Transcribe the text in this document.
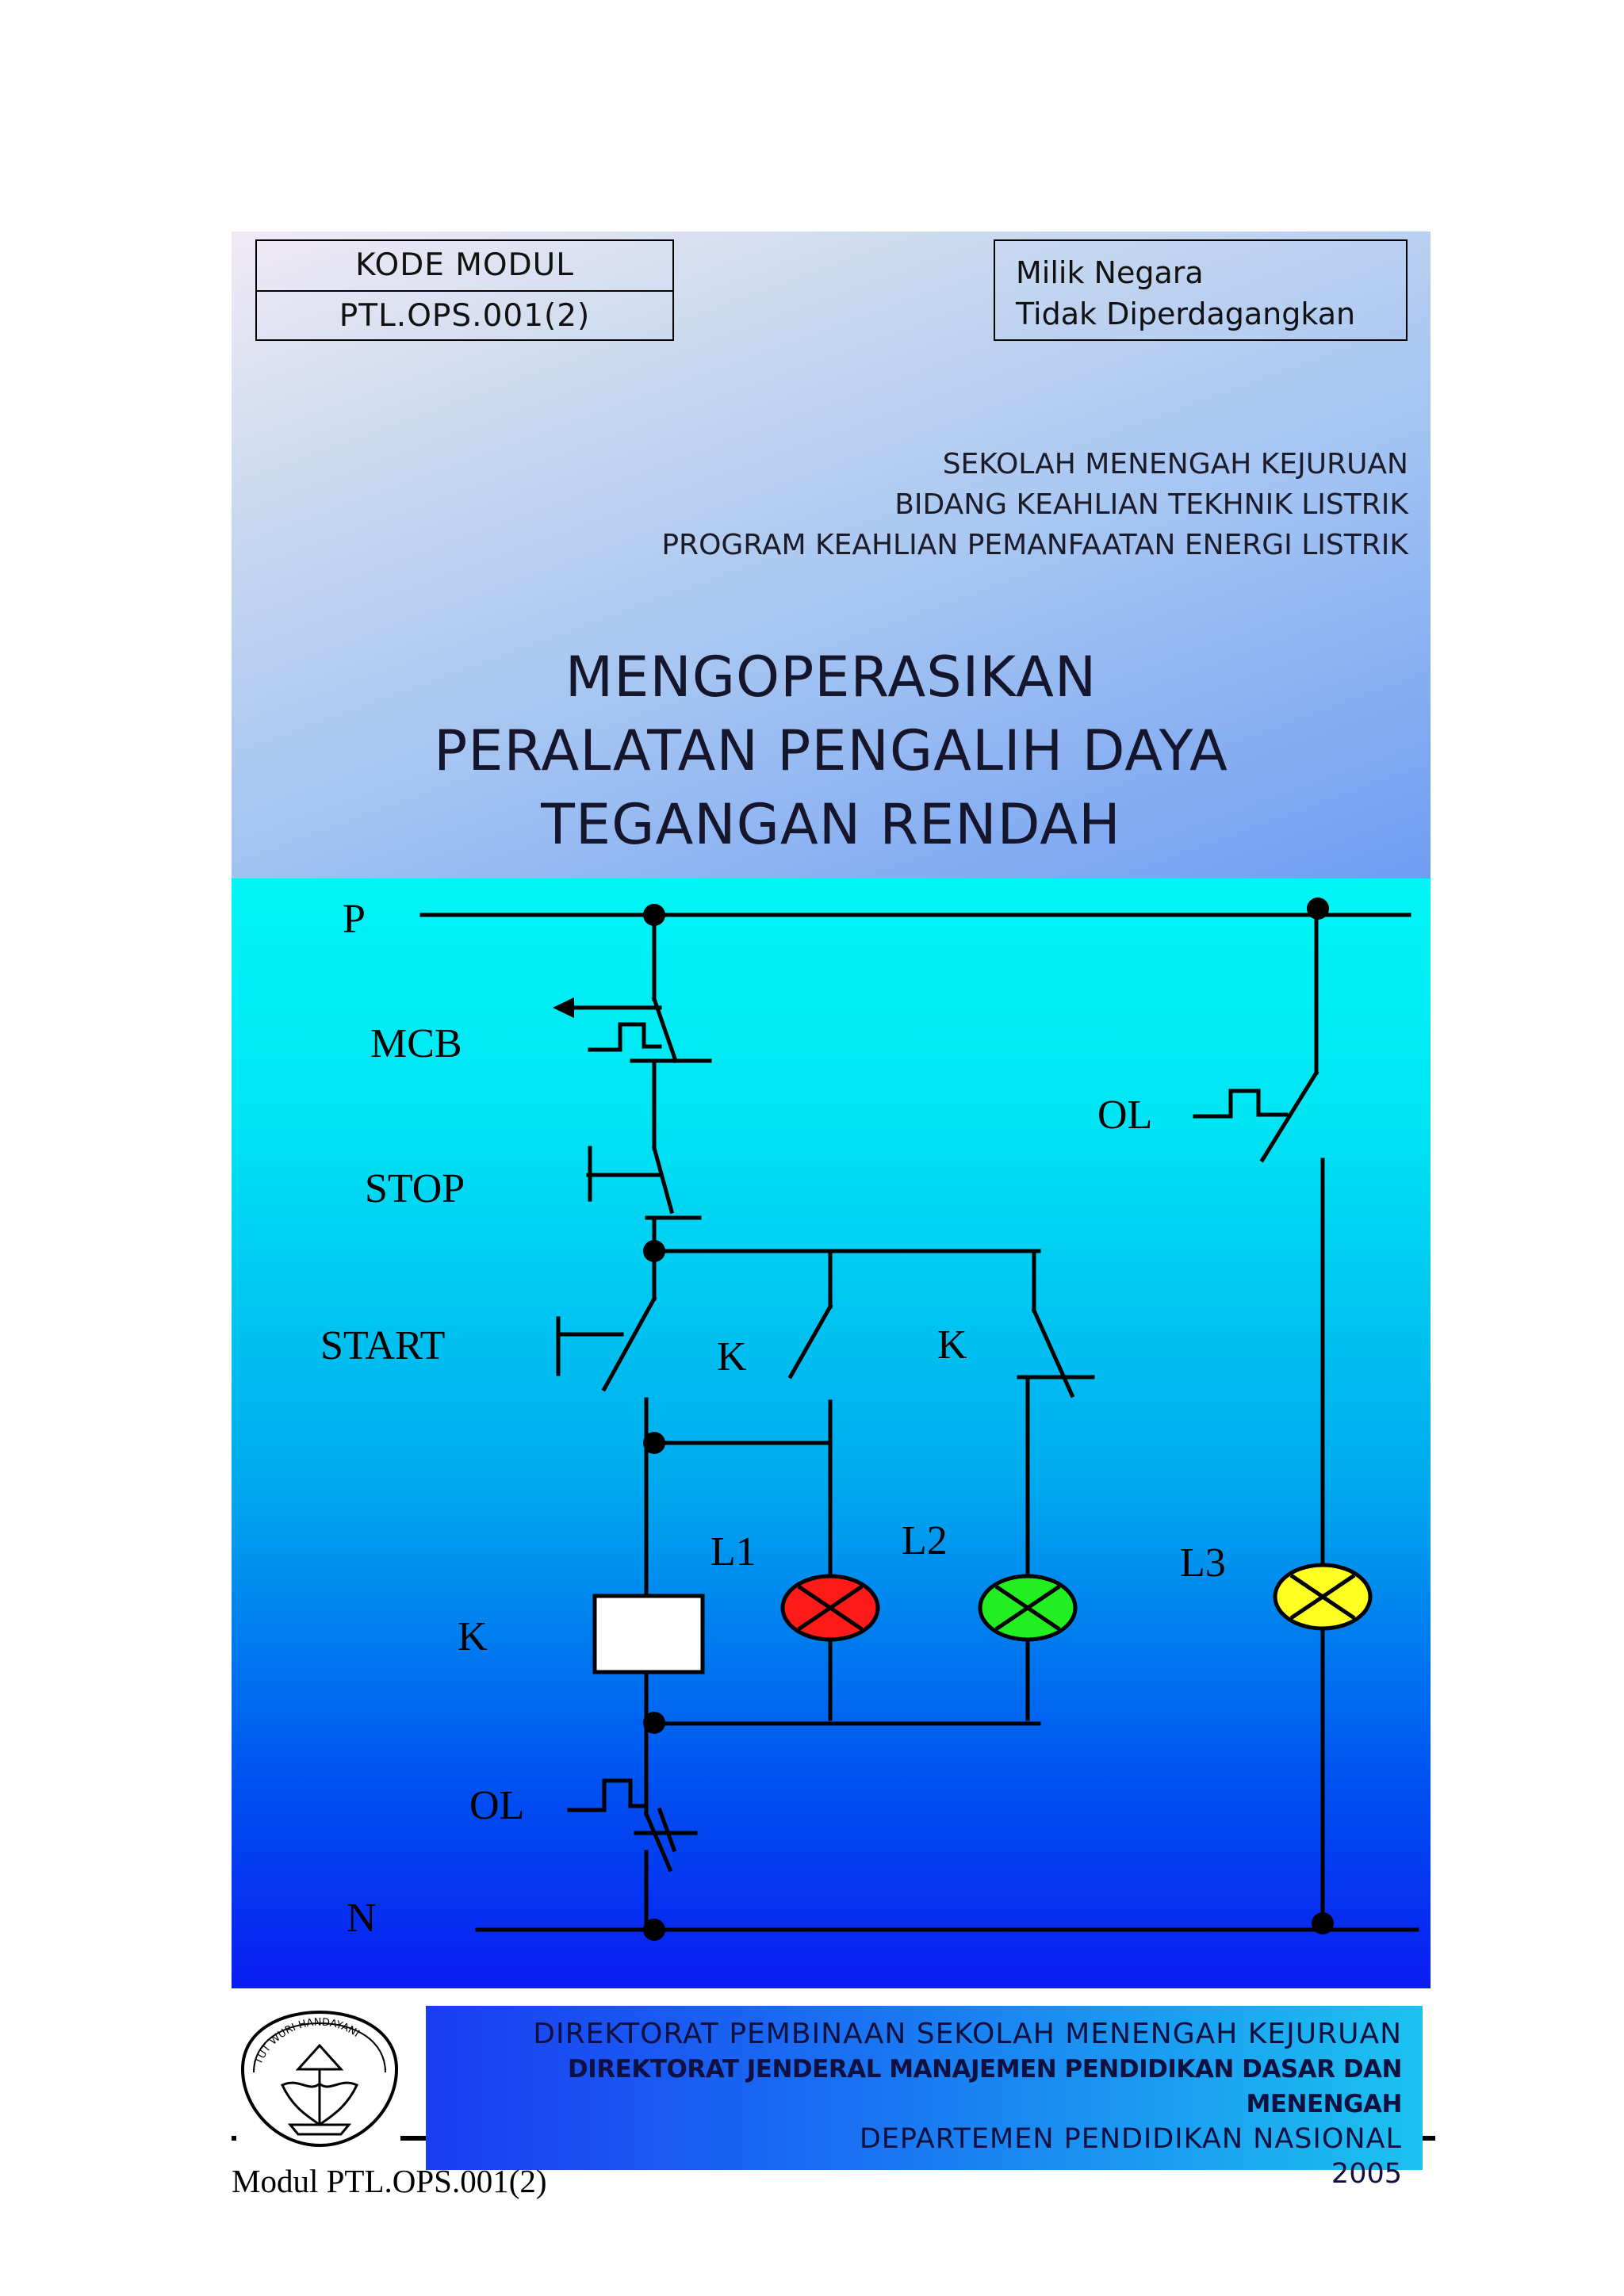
KODE MODUL
PTL.OPS.001(2)
Milik Negara
Tidak Diperdagangkan
SEKOLAH MENENGAH KEJURUAN
BIDANG KEAHLIAN TEKHNIK LISTRIK
PROGRAM KEAHLIAN PEMANFAATAN ENERGI LISTRIK
MENGOPERASIKAN
PERALATAN PENGALIH DAYA
TEGANGAN RENDAH
P
MCB
STOP
START	K	K
OL
L1	L2	L3
K
OL
N
TUT WURI HANDAYANI	DIREKTORAT PEMBINAAN SEKOLAH MENENGAH KEJURUAN
DIREKTORAT JENDERAL MANAJEMEN PENDIDIKAN DASAR DAN MENENGAH
DEPARTEMEN PENDIDIKAN NASIONAL
2005
Modul PTL.OPS.001(2)
